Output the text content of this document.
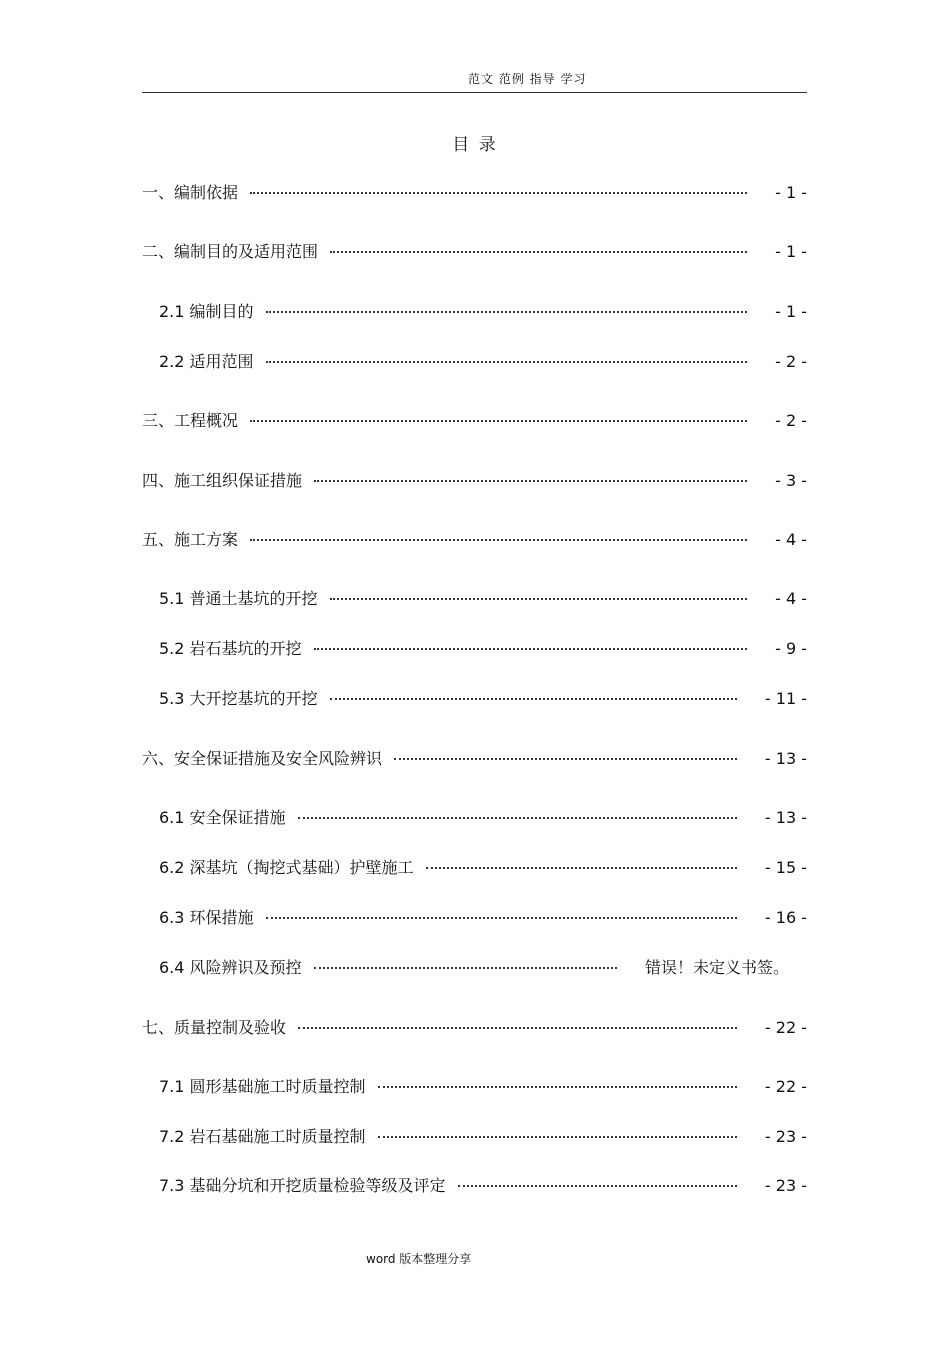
范文 范例 指导 学习
目 录
一、编制依据	- 1 -
二、编制目的及适用范围	- 1 -
2.1 编制目的	- 1 -
2.2 适用范围	- 2 -
三、工程概况	- 2 -
四、施工组织保证措施	- 3 -
五、施工方案	- 4 -
5.1 普通土基坑的开挖	- 4 -
5.2 岩石基坑的开挖	- 9 -
5.3 大开挖基坑的开挖	- 11 -
六、安全保证措施及安全风险辨识	- 13 -
6.1 安全保证措施	- 13 -
6.2 深基坑（掏挖式基础）护壁施工	- 15 -
6.3 环保措施	- 16 -
6.4 风险辨识及预控	错误！未定义书签。
七、质量控制及验收	- 22 -
7.1 圆形基础施工时质量控制	- 22 -
7.2 岩石基础施工时质量控制	- 23 -
7.3 基础分坑和开挖质量检验等级及评定	- 23 -
word 版本整理分享
